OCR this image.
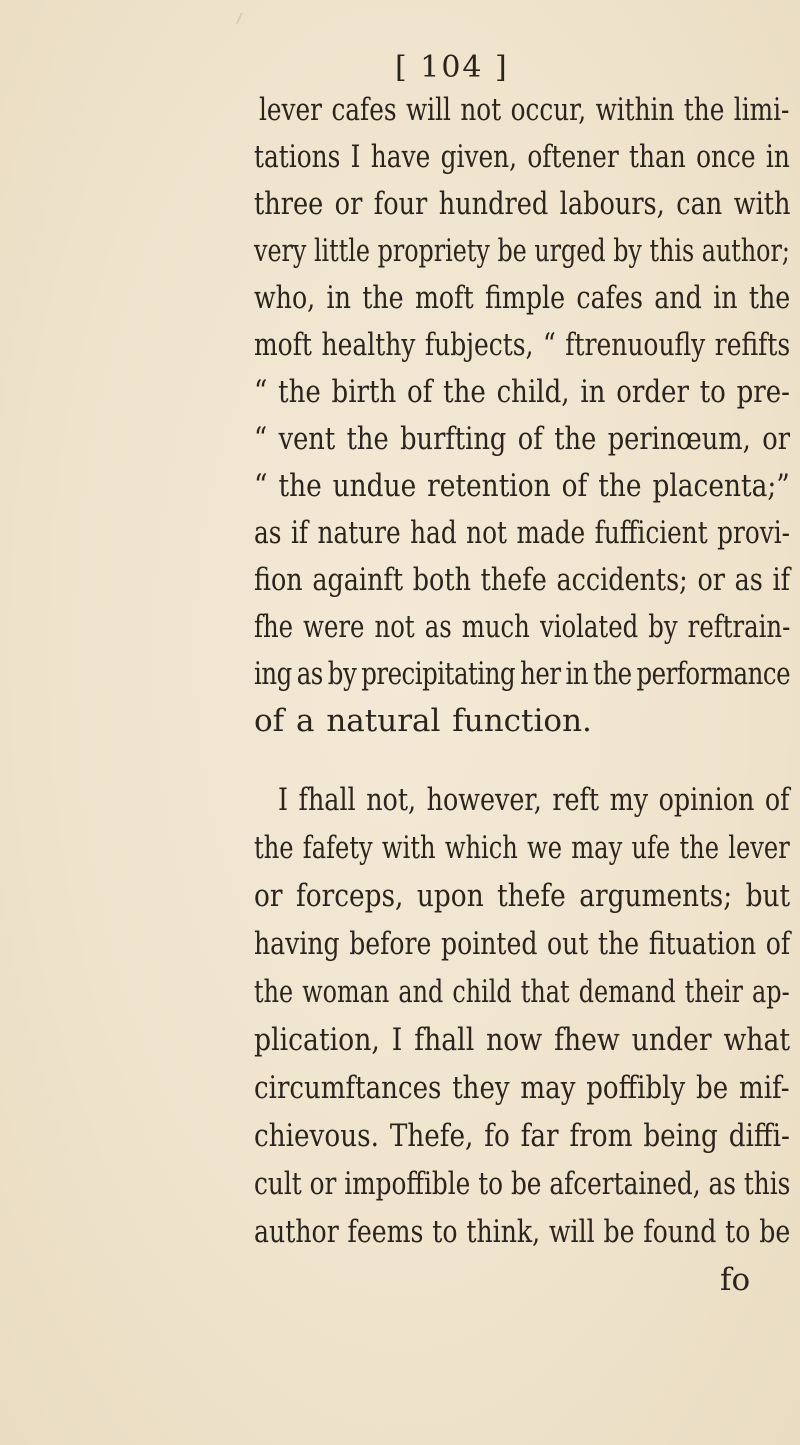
[ 104 ]
lever cafes will not occur, within the limi-
tations I have given, oftener than once in
three or four hundred labours, can with
very little propriety be urged by this author;
who, in the moft fimple cafes and in the
moft healthy fubjects, “ ftrenuoufly refifts
“ the birth of the child, in order to pre-
“ vent the burfting of the perinœum, or
“ the undue retention of the placenta;”
as if nature had not made fufficient provi-
fion againft both thefe accidents; or as if
fhe were not as much violated by reftrain-
ing as by precipitating her in the performance
of a natural function.
I fhall not, however, reft my opinion of
the fafety with which we may ufe the lever
or forceps, upon thefe arguments; but
having before pointed out the fituation of
the woman and child that demand their ap-
plication, I fhall now fhew under what
circumftances they may poffibly be mif-
chievous. Thefe, fo far from being diffi-
cult or impoffible to be afcertained, as this
author feems to think, will be found to be
fo
